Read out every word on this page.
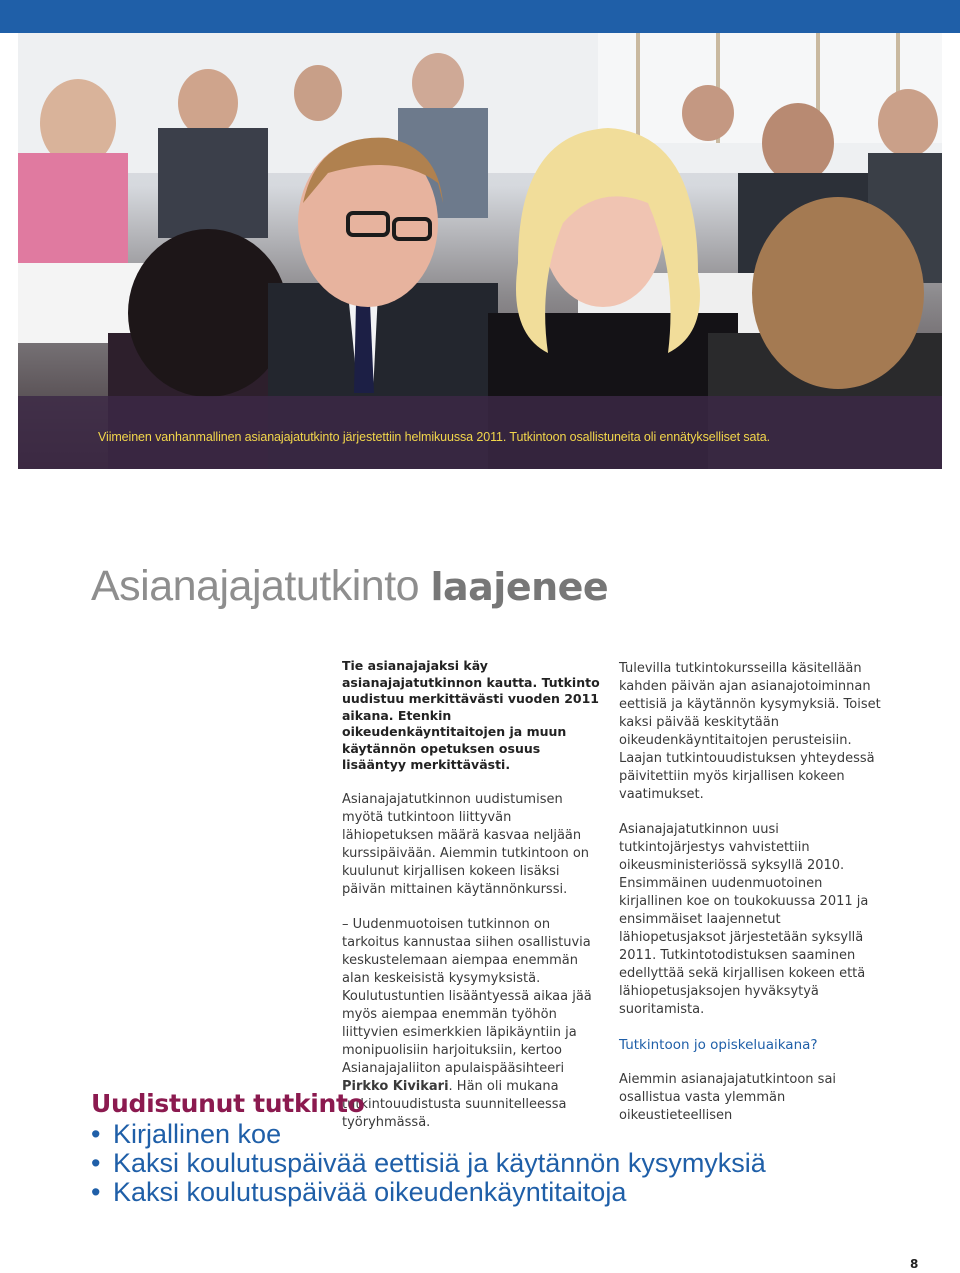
Viimeinen vanhanmallinen asianajajatutkinto järjestettiin helmikuussa 2011. Tutkintoon osallistuneita oli ennätykselliset sata.

Asianajajatutkinto laajenee

Tie asianajajaksi käy asianajajatutkinnon kautta. Tutkinto uudistuu merkittävästi vuoden 2011 aikana. Etenkin oikeudenkäyntitaitojen ja muun käytännön opetuksen osuus lisääntyy merkittävästi.

Asianajajatutkinnon uudistumisen myötä tutkintoon liittyvän lähiopetuksen määrä kasvaa neljään kurssipäivään. Aiemmin tutkintoon on kuulunut kirjallisen kokeen lisäksi päivän mittainen käytännönkurssi.

– Uudenmuotoisen tutkinnon on tarkoitus kannustaa siihen osallistuvia keskustelemaan aiempaa enemmän alan keskeisistä kysymyksistä. Koulutustuntien lisääntyessä aikaa jää myös aiempaa enemmän työhön liittyvien esimerkkien läpikäyntiin ja monipuolisiin harjoituksiin, kertoo Asianajajaliiton apulaispääsihteeri Pirkko Kivikari. Hän oli mukana tutkintouudistusta suunnitelleessa työryhmässä.

Tulevilla tutkintokursseilla käsitellään kahden päivän ajan asianajotoiminnan eettisiä ja käytännön kysymyksiä. Toiset kaksi päivää keskitytään oikeudenkäyntitaitojen perusteisiin. Laajan tutkintouudistuksen yhteydessä päivitettiin myös kirjallisen kokeen vaatimukset.

Asianajajatutkinnon uusi tutkintojärjestys vahvistettiin oikeusministeriössä syksyllä 2010. Ensimmäinen uudenmuotoinen kirjallinen koe on toukokuussa 2011 ja ensimmäiset laajennetut lähiopetusjaksot järjestetään syksyllä 2011. Tutkintotodistuksen saaminen edellyttää sekä kirjallisen kokeen että lähiopetusjaksojen hyväksytyä suoritamista.

Tutkintoon jo opiskeluaikana?

Aiemmin asianajajatutkintoon sai osallistua vasta ylemmän oikeustieteellisen

Uudistunut tutkinto
• Kirjallinen koe
• Kaksi koulutuspäivää eettisiä ja käytännön kysymyksiä
• Kaksi koulutuspäivää oikeudenkäyntitaitoja
8
